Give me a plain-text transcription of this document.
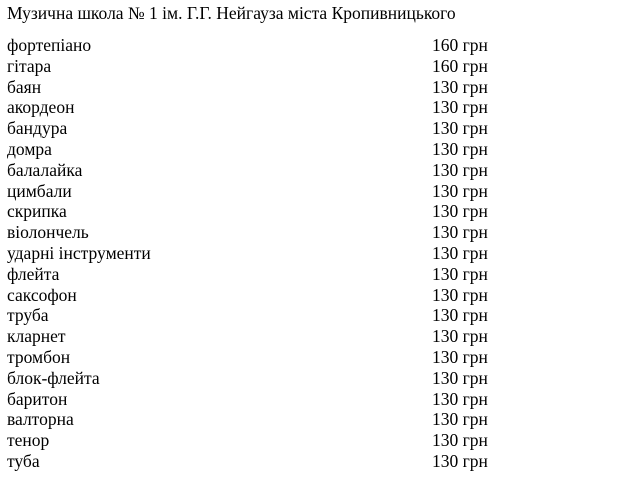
Музична школа № 1 ім. Г.Г. Нейгауза міста Кропивницького
фортепіано	160 грн
гітара	160 грн
баян	130 грн
акордеон	130 грн
бандура	130 грн
домра	130 грн
балалайка	130 грн
цимбали	130 грн
скрипка	130 грн
віолончель	130 грн
ударні інструменти	130 грн
флейта	130 грн
саксофон	130 грн
труба	130 грн
кларнет	130 грн
тромбон	130 грн
блок-флейта	130 грн
баритон	130 грн
валторна	130 грн
тенор	130 грн
туба	130 грн
